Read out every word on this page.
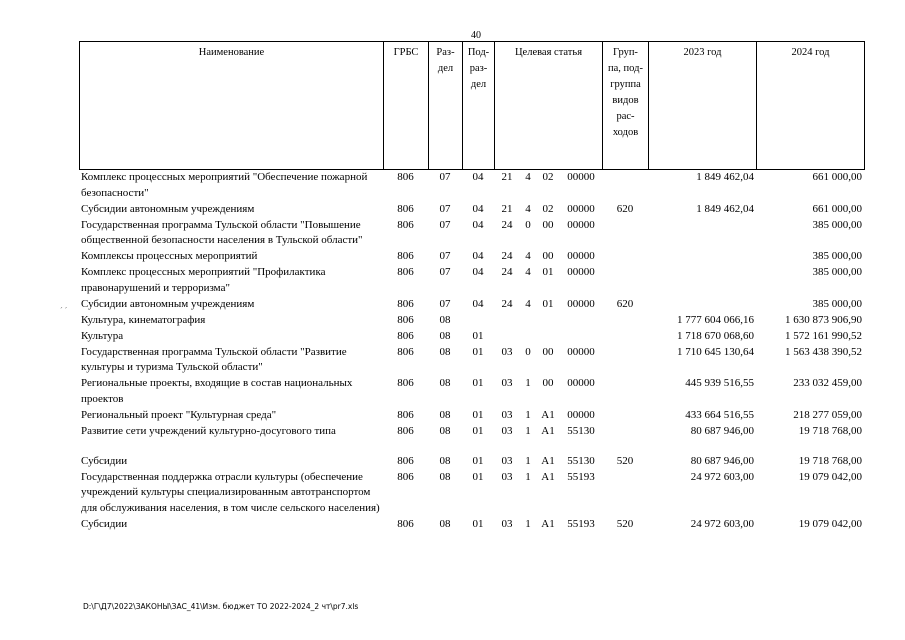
40
Наименование	ГРБС	Раз-
дел

Под-
раз-
дел
	Целевая статья	Груп-
па, под-
группа
видов
рас-
ходов
	2023 год	2024 год
Комплекс процессных мероприятий "Обеспечение пожарной безопасности"	806	07	04	21	4	02	00000		1 849 462,04	661 000,00
Субсидии автономным учреждениям	806	07	04	21	4	02	00000	620	1 849 462,04	661 000,00
Государственная программа Тульской области "Повышение общественной безопасности населения в Тульской области"	806	07	04	24	0	00	00000			385 000,00
Комплексы процессных мероприятий	806	07	04	24	4	00	00000			385 000,00
Комплекс процессных мероприятий "Профилактика правонарушений и терроризма"	806	07	04	24	4	01	00000			385 000,00
Субсидии автономным учреждениям	806	07	04	24	4	01	00000	620		385 000,00
Культура, кинематография	806	08							1 777 604 066,16	1 630 873 906,90
Культура	806	08	01						1 718 670 068,60	1 572 161 990,52
Государственная программа Тульской области "Развитие культуры и туризма Тульской области"	806	08	01	03	0	00	00000		1 710 645 130,64	1 563 438 390,52
Региональные проекты, входящие в состав национальных проектов	806	08	01	03	1	00	00000		445 939 516,55	233 032 459,00
Региональный проект "Культурная среда"	806	08	01	03	1	A1	00000		433 664 516,55	218 277 059,00
Развитие сети учреждений культурно-досугового типа	806	08	01	03	1	A1	55130		80 687 946,00	19 718 768,00

Субсидии	806	08	01	03	1	A1	55130	520	80 687 946,00	19 718 768,00
Государственная поддержка отрасли культуры (обеспечение учреждений культуры специализированным автотранспортом для обслуживания населения, в том числе сельского населения)	806	08	01	03	1	A1	55193		24 972 603,00	19 079 042,00
Субсидии	806	08	01	03	1	A1	55193	520	24 972 603,00	19 079 042,00
ˊ ˊ
D:\Г\Д7\2022\ЗАКОНЫ\ЗАС_41\Изм. бюджет ТО 2022-2024_2 чт\pr7.xls
